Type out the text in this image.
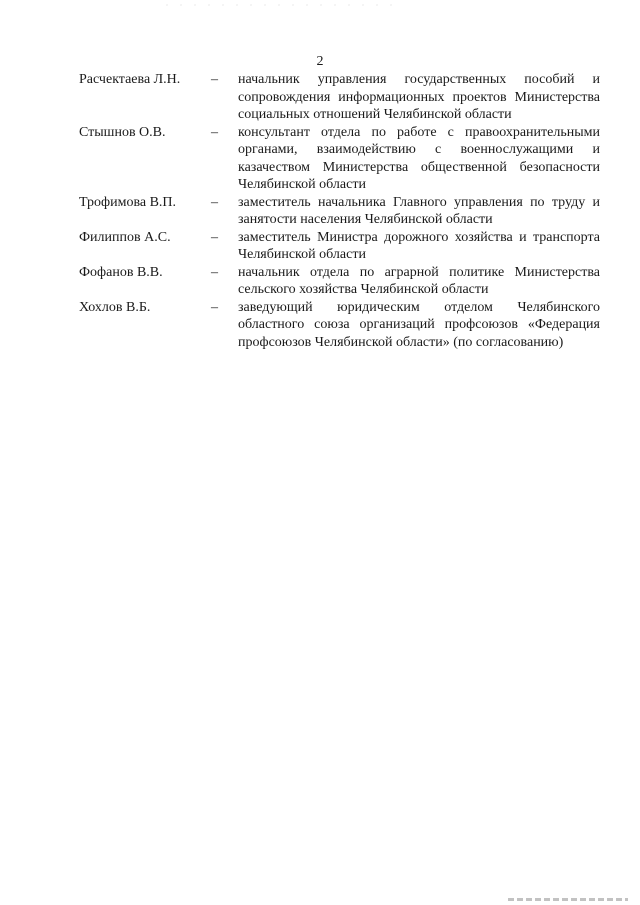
2
Расчектаева Л.Н.	–	начальник управления государственных пособий и сопровождения информационных проектов Министерства социальных отношений Челябинской области
Стышнов О.В.	–	консультант отдела по работе с правоохранительными органами, взаимодействию с военнослужащими и казачеством Министерства общественной безопасности Челябинской области
Трофимова В.П.	–	заместитель начальника Главного управления по труду и занятости населения Челябинской области
Филиппов А.С.	–	заместитель Министра дорожного хозяйства и транспорта Челябинской области
Фофанов В.В.	–	начальник отдела по аграрной политике Министерства сельского хозяйства Челябинской области
Хохлов В.Б.	–	заведующий юридическим отделом Челябинского областного союза организаций профсоюзов «Федерация профсоюзов Челябинской области» (по согласованию)
